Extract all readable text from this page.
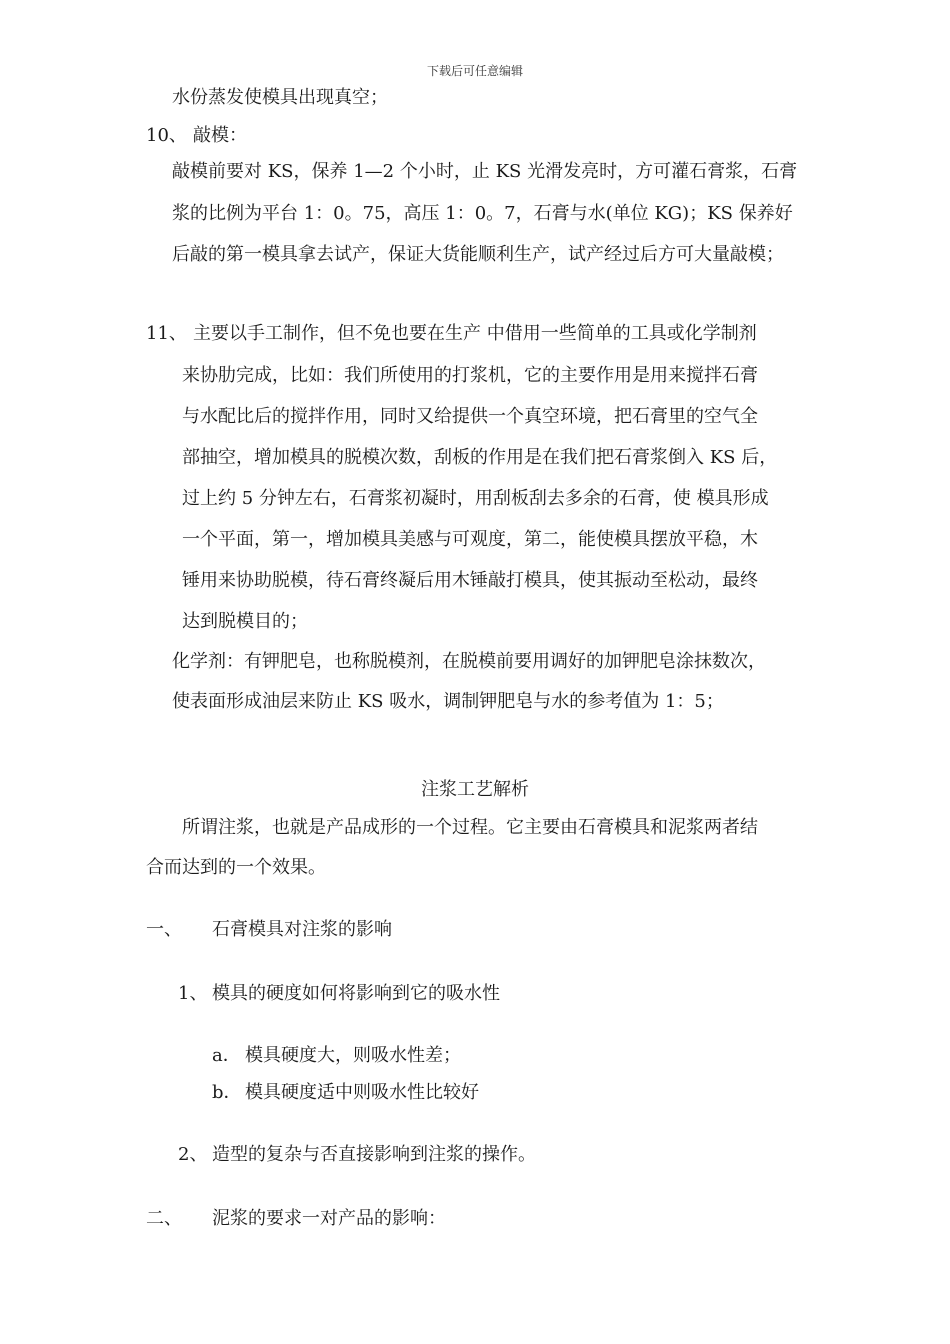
下载后可任意编辑
水份蒸发使模具出现真空；
10、 敲模：
敲模前要对 KS，保养 1—2 个小时，止 KS 光滑发亮时，方可灌石膏浆，石膏
浆的比例为平台 1：0。75，高压 1：0。7，石膏与水(单位 KG)；KS 保养好
后敲的第一模具拿去试产，保证大货能顺利生产，试产经过后方可大量敲模；
11、 主要以手工制作，但不免也要在生产 中借用一些简单的工具或化学制剂
来协肋完成，比如：我们所使用的打浆机，它的主要作用是用来搅拌石膏
与水配比后的搅拌作用，同时又给提供一个真空环境，把石膏里的空气全
部抽空，增加模具的脱模次数，刮板的作用是在我们把石膏浆倒入 KS 后，
过上约 5 分钟左右，石膏浆初凝时，用刮板刮去多余的石膏，使 模具形成
一个平面，第一，增加模具美感与可观度，第二，能使模具摆放平稳，木
锤用来协助脱模，待石膏终凝后用木锤敲打模具，使其振动至松动，最终
达到脱模目的；
化学剂：有钾肥皂，也称脱模剂，在脱模前要用调好的加钾肥皂涂抹数次，
使表面形成油层来防止 KS 吸水，调制钾肥皂与水的参考值为 1：5；
注浆工艺解析
所谓注浆，也就是产品成形的一个过程。它主要由石膏模具和泥浆两者结
合而达到的一个效果。
一、 石膏模具对注浆的影响
1、 模具的硬度如何将影响到它的吸水性
a． 模具硬度大，则吸水性差；
b． 模具硬度适中则吸水性比较好
2、 造型的复杂与否直接影响到注浆的操作。
二、 泥浆的要求一对产品的影响：
